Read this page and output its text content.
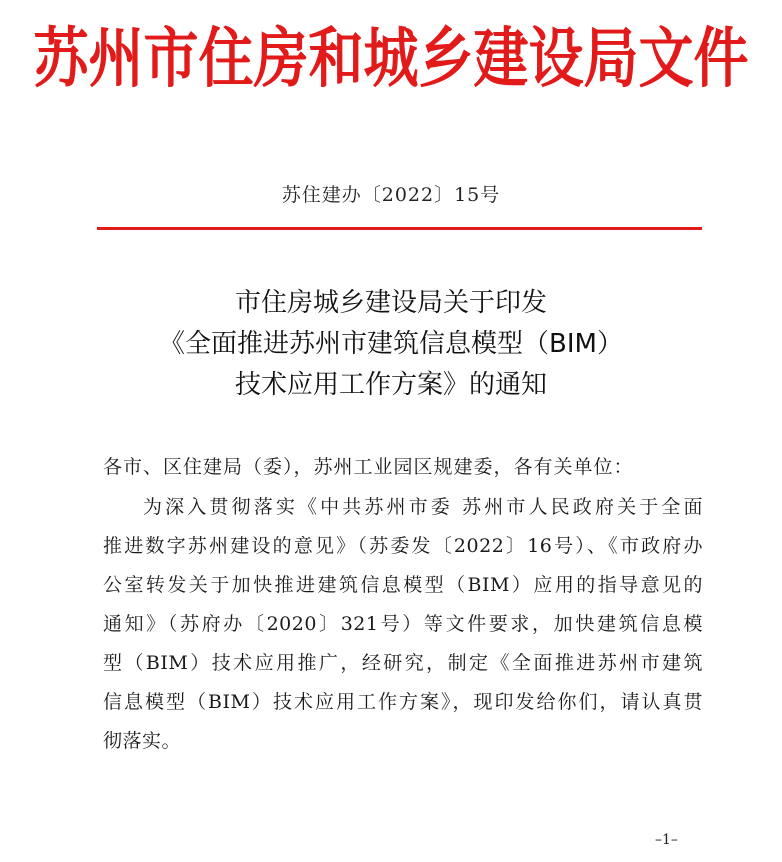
苏州市住房和城乡建设局文件
苏住建办〔2022〕15号
市住房城乡建设局关于印发
《全面推进苏州市建筑信息模型（BIM）
技术应用工作方案》的通知
各市、区住建局（委），苏州工业园区规建委，各有关单位：
为深入贯彻落实《中共苏州市委 苏州市人民政府关于全面
推进数字苏州建设的意见》（苏委发〔2022〕16号）、《市政府办
公室转发关于加快推进建筑信息模型（BIM）应用的指导意见的
通知》（苏府办〔2020〕321号）等文件要求，加快建筑信息模
型（BIM）技术应用推广，经研究，制定《全面推进苏州市建筑
信息模型（BIM）技术应用工作方案》，现印发给你们，请认真贯
彻落实。
–1–
